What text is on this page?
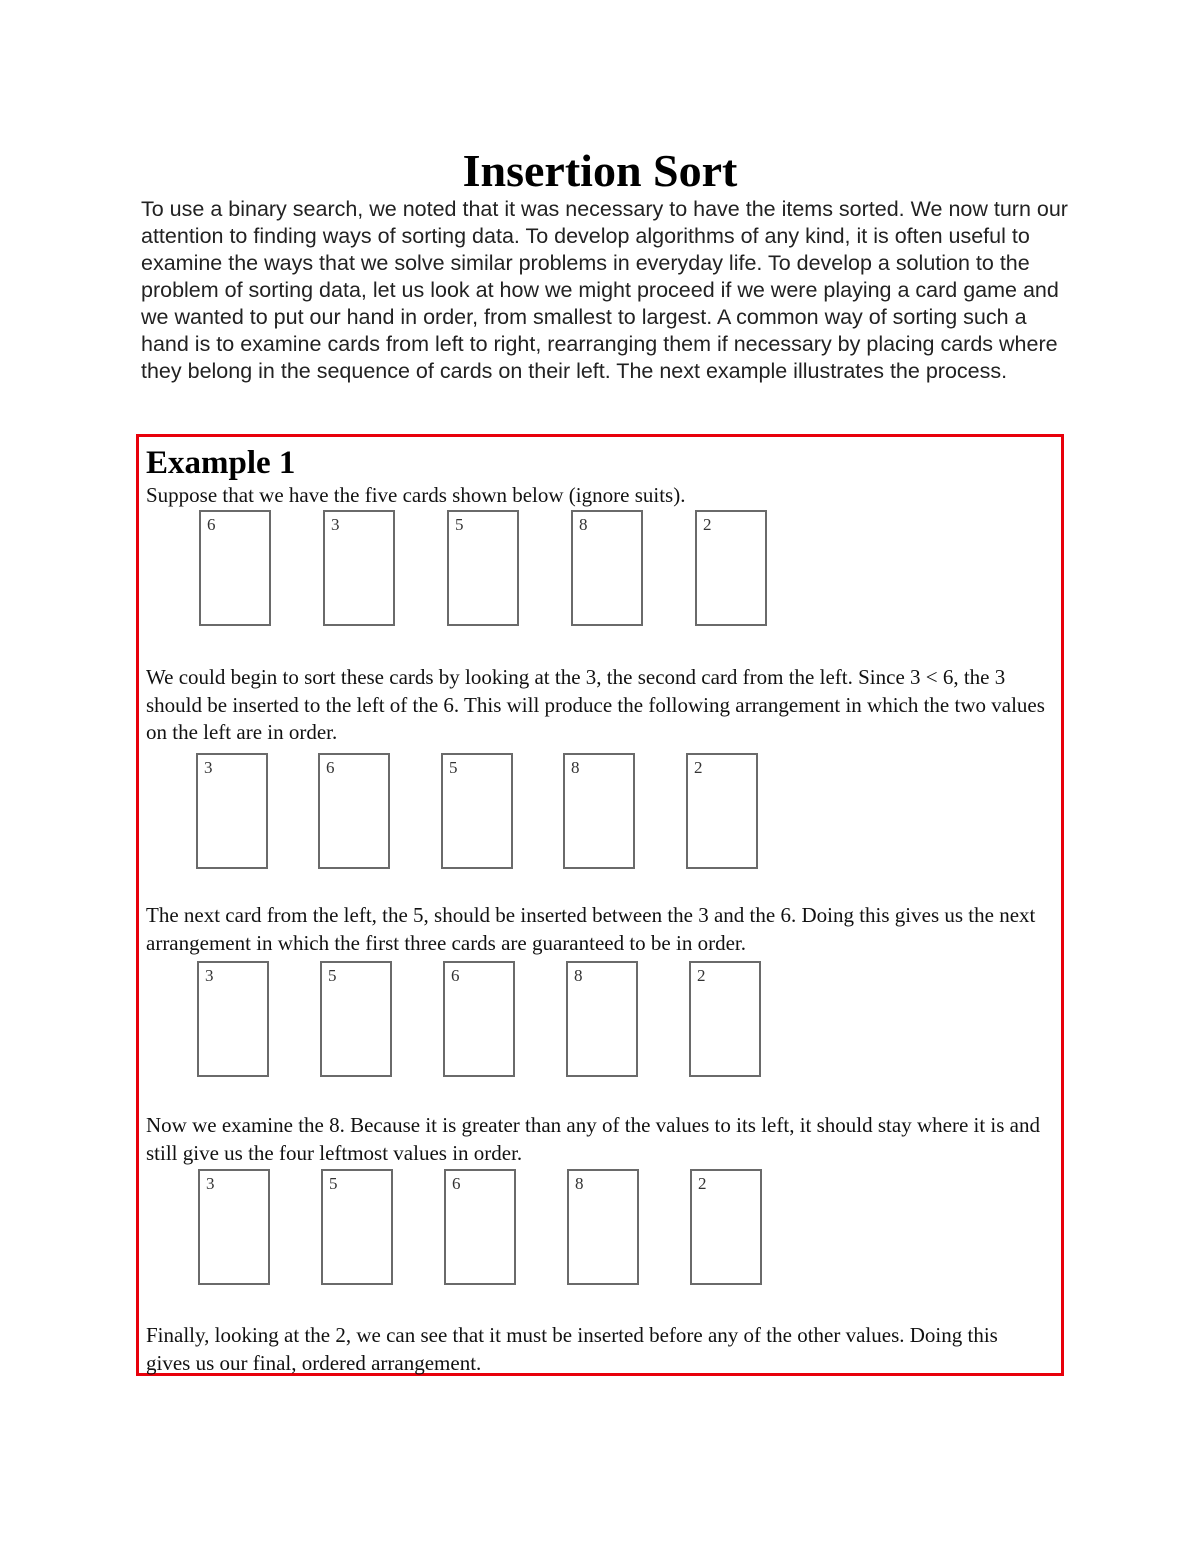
Insertion Sort

To use a binary search, we noted that it was necessary to have the items sorted. We now turn our attention to finding ways of sorting data. To develop algorithms of any kind, it is often useful to examine the ways that we solve similar problems in everyday life. To develop a solution to the problem of sorting data, let us look at how we might proceed if we were playing a card game and we wanted to put our hand in order, from smallest to largest. A common way of sorting such a hand is to examine cards from left to right, rearranging them if necessary by placing cards where they belong in the sequence of cards on their left. The next example illustrates the process.

Example 1

Suppose that we have the five cards shown below (ignore suits).

6	3	5	8	2

We could begin to sort these cards by looking at the 3, the second card from the left. Since 3 < 6, the 3 should be inserted to the left of the 6. This will produce the following arrangement in which the two values on the left are in order.

3	6	5	8	2

The next card from the left, the 5, should be inserted between the 3 and the 6. Doing this gives us the next arrangement in which the first three cards are guaranteed to be in order.

3	5	6	8	2

Now we examine the 8. Because it is greater than any of the values to its left, it should stay where it is and still give us the four leftmost values in order.

3	5	6	8	2

Finally, looking at the 2, we can see that it must be inserted before any of the other values. Doing this gives us our final, ordered arrangement.
